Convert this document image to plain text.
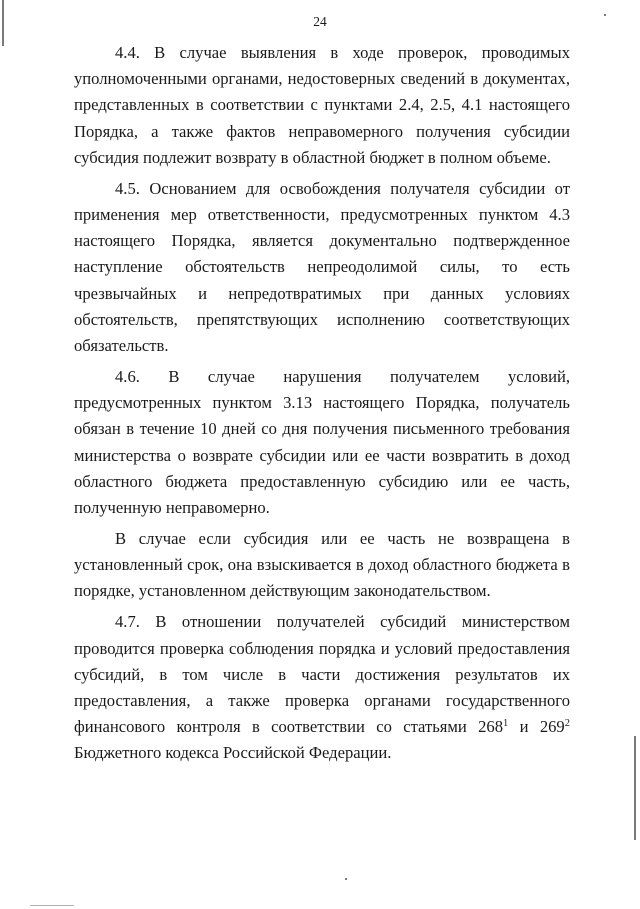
24

4.4. В случае выявления в ходе проверок, проводимых уполномоченными органами, недостоверных сведений в документах, представленных в соответствии с пунктами 2.4, 2.5, 4.1 настоящего Порядка, а также фактов неправомерного получения субсидии субсидия подлежит возврату в областной бюджет в полном объеме.

4.5. Основанием для освобождения получателя субсидии от применения мер ответственности, предусмотренных пунктом 4.3 настоящего Порядка, является документально подтвержденное наступление обстоятельств непреодолимой силы, то есть чрезвычайных и непредотвратимых при данных условиях обстоятельств, препятствующих исполнению соответствующих обязательств.

4.6. В случае нарушения получателем условий, предусмотренных пунктом 3.13 настоящего Порядка, получатель обязан в течение 10 дней со дня получения письменного требования министерства о возврате субсидии или ее части возвратить в доход областного бюджета предоставленную субсидию или ее часть, полученную неправомерно.

В случае если субсидия или ее часть не возвращена в установленный срок, она взыскивается в доход областного бюджета в порядке, установленном действующим законодательством.

4.7. В отношении получателей субсидий министерством проводится проверка соблюдения порядка и условий предоставления субсидий, в том числе в части достижения результатов их предоставления, а также проверка органами государственного финансового контроля в соответствии со статьями $268^1$ и $269^2$ Бюджетного кодекса Российской Федерации.
